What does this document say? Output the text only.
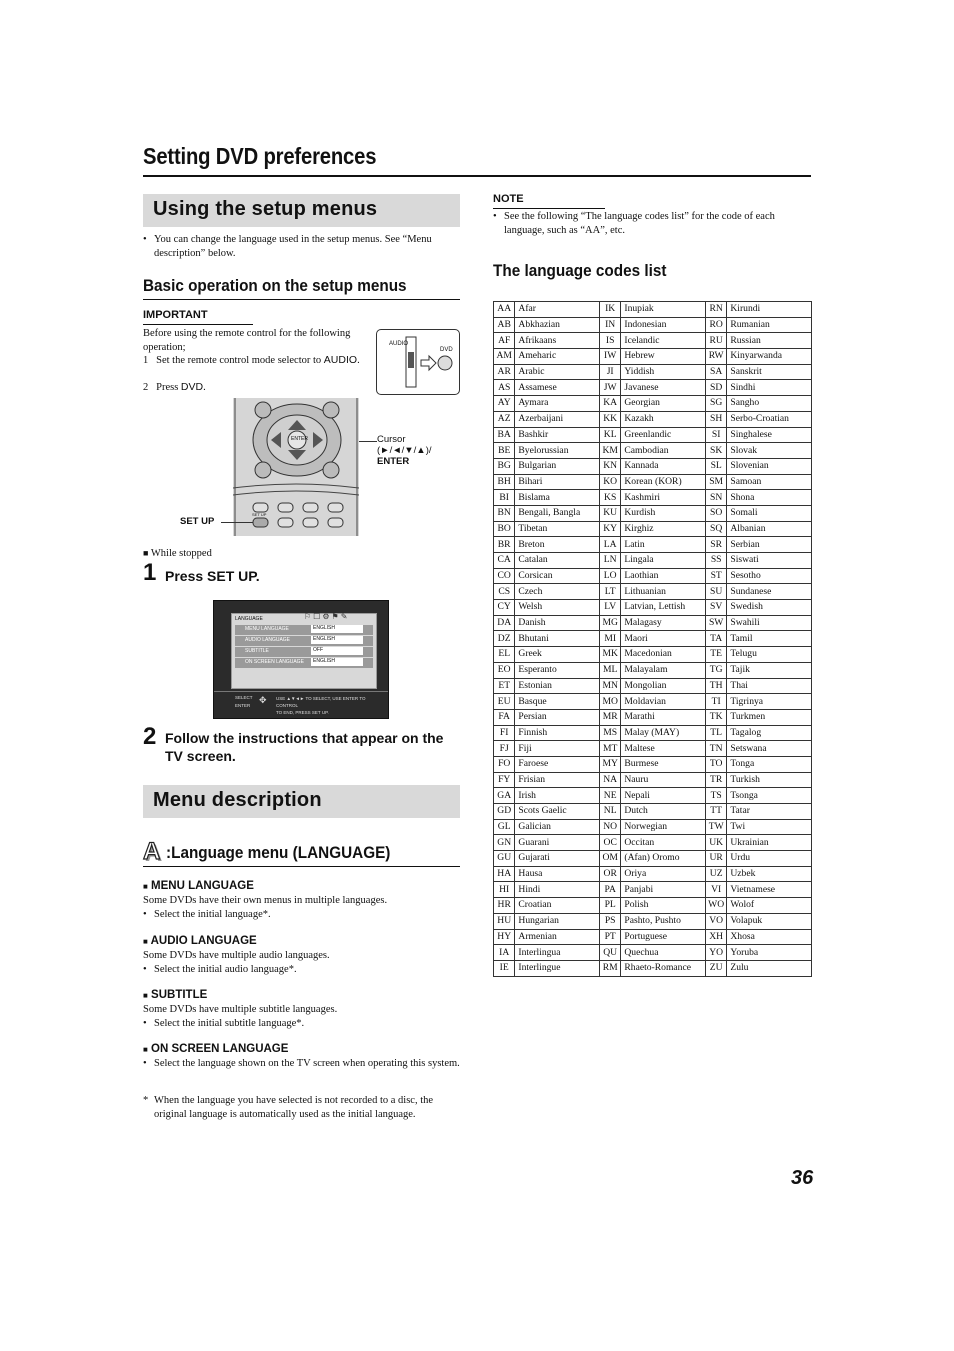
Setting DVD preferences
Using the setup menus
• You can change the language used in the setup menus. See “Menu description” below.
Basic operation on the setup menus
IMPORTANT
Before using the remote control for the following operation;
1 Set the remote control mode selector to AUDIO.
2 Press DVD.
AUDIO
DVD
ENTER
SET UP
Cursor
(►/◄/▼/▲)/
ENTER
SET UP
■ While stopped
1 Press SET UP.
LANGUAGE	⚐☐⚙⚑✎
MENU LANGUAGE	ENGLISH
AUDIO LANGUAGE	ENGLISH
SUBTITLE	OFF
ON SCREEN LANGUAGE	ENGLISH
SELECT
ENTER
✥ USE ▲▼◄► TO SELECT, USE ENTER TO CONTROL
TO END, PRESS SET UP.
2 Follow the instructions that appear on the TV screen.
Menu description
A :Language menu (LANGUAGE)
■ MENU LANGUAGE
Some DVDs have their own menus in multiple languages.
• Select the initial language*.
■ AUDIO LANGUAGE
Some DVDs have multiple audio languages.
• Select the initial audio language*.
■ SUBTITLE
Some DVDs have multiple subtitle languages.
• Select the initial subtitle language*.
■ ON SCREEN LANGUAGE
• Select the language shown on the TV screen when operating this system.
* When the language you have selected is not recorded to a disc, the original language is automatically used as the initial language.
NOTE
• See the following “The language codes list” for the code of each language, such as “AA”, etc.
The language codes list
AA	Afar	IK	Inupiak	RN	Kirundi
AB	Abkhazian	IN	Indonesian	RO	Rumanian
AF	Afrikaans	IS	Icelandic	RU	Russian
AM	Ameharic	IW	Hebrew	RW	Kinyarwanda
AR	Arabic	JI	Yiddish	SA	Sanskrit
AS	Assamese	JW	Javanese	SD	Sindhi
AY	Aymara	KA	Georgian	SG	Sangho
AZ	Azerbaijani	KK	Kazakh	SH	Serbo-Croatian
BA	Bashkir	KL	Greenlandic	SI	Singhalese
BE	Byelorussian	KM	Cambodian	SK	Slovak
BG	Bulgarian	KN	Kannada	SL	Slovenian
BH	Bihari	KO	Korean (KOR)	SM	Samoan
BI	Bislama	KS	Kashmiri	SN	Shona
BN	Bengali, Bangla	KU	Kurdish	SO	Somali
BO	Tibetan	KY	Kirghiz	SQ	Albanian
BR	Breton	LA	Latin	SR	Serbian
CA	Catalan	LN	Lingala	SS	Siswati
CO	Corsican	LO	Laothian	ST	Sesotho
CS	Czech	LT	Lithuanian	SU	Sundanese
CY	Welsh	LV	Latvian, Lettish	SV	Swedish
DA	Danish	MG	Malagasy	SW	Swahili
DZ	Bhutani	MI	Maori	TA	Tamil
EL	Greek	MK	Macedonian	TE	Telugu
EO	Esperanto	ML	Malayalam	TG	Tajik
ET	Estonian	MN	Mongolian	TH	Thai
EU	Basque	MO	Moldavian	TI	Tigrinya
FA	Persian	MR	Marathi	TK	Turkmen
FI	Finnish	MS	Malay (MAY)	TL	Tagalog
FJ	Fiji	MT	Maltese	TN	Setswana
FO	Faroese	MY	Burmese	TO	Tonga
FY	Frisian	NA	Nauru	TR	Turkish
GA	Irish	NE	Nepali	TS	Tsonga
GD	Scots Gaelic	NL	Dutch	TT	Tatar
GL	Galician	NO	Norwegian	TW	Twi
GN	Guarani	OC	Occitan	UK	Ukrainian
GU	Gujarati	OM	(Afan) Oromo	UR	Urdu
HA	Hausa	OR	Oriya	UZ	Uzbek
HI	Hindi	PA	Panjabi	VI	Vietnamese
HR	Croatian	PL	Polish	WO	Wolof
HU	Hungarian	PS	Pashto, Pushto	VO	Volapuk
HY	Armenian	PT	Portuguese	XH	Xhosa
IA	Interlingua	QU	Quechua	YO	Yoruba
IE	Interlingue	RM	Rhaeto-Romance	ZU	Zulu
36
